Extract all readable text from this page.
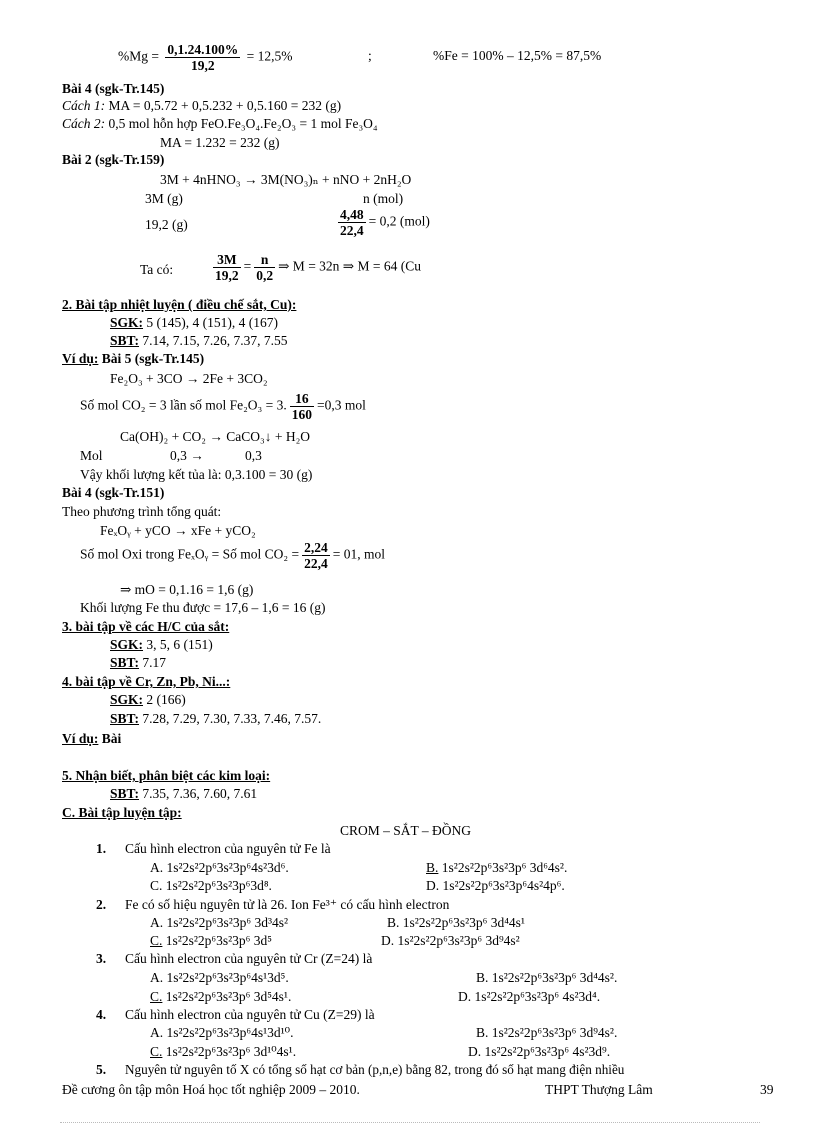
$\%Mg = \frac{0,1.24.100\%}{19,2} = 12,5\%$	;	%Fe = 100% – 12,5% = 87,5%
Bài 4 (sgk-Tr.145)
Cách 1: MA = 0,5.72 + 0,5.232 + 0,5.160 = 232 (g)
Cách 2: 0,5 mol hỗn hợp FeO.Fe₃O₄.Fe₂O₃ = 1 mol Fe₃O₄
MA = 1.232 = 232 (g)
Bài 2 (sgk-Tr.159)
3M + 4nHNO₃ → 3M(NO₃)ₙ + nNO + 2nH₂O
3M (g)	n (mol)
19,2 (g)	$\frac{4,48}{22,4} = 0,2$ (mol)
Ta có:	$\frac{3M}{19,2} = \frac{n}{0,2}$ ⇒ M = 32n ⇒ M = 64 (Cu
2. Bài tập nhiệt luyện ( điều chế sắt, Cu):
SGK: 5 (145), 4 (151), 4 (167)
SBT: 7.14, 7.15, 7.26, 7.37, 7.55
Ví dụ: Bài 5 (sgk-Tr.145)
Fe₂O₃ + 3CO → 2Fe + 3CO₂
Số mol CO₂ = 3 lần số mol Fe₂O₃ = 3. $\frac{16}{160} =0,3$ mol
Ca(OH)₂ + CO₂ → CaCO₃↓ + H₂O
Mol	0,3 →	0,3
Vậy khối lượng kết tủa là: 0,3.100 = 30 (g)
Bài 4 (sgk-Tr.151)
Theo phương trình tổng quát:
FeₓOᵧ + yCO → xFe + yCO₂
Số mol Oxi trong FeₓOᵧ = Số mol $CO_2 = \frac{2,24}{22,4} = 01$, mol
⇒ mO = 0,1.16 = 1,6 (g)
Khối lượng Fe thu được = 17,6 – 1,6 = 16 (g)
3. bài tập về các H/C của sắt:
SGK: 3, 5, 6 (151)
SBT: 7.17
4. bài tập về Cr, Zn, Pb, Ni...:
SGK: 2 (166)
SBT: 7.28, 7.29, 7.30, 7.33, 7.46, 7.57.
Ví dụ: Bài
5. Nhận biết, phân biệt các kim loại:
SBT: 7.35, 7.36, 7.60, 7.61
C. Bài tập luyện tập:
CROM – SẮT – ĐỒNG
1. Cấu hình electron của nguyên tử Fe là
A. 1s²2s²2p⁶3s²3p⁶4s²3d⁶.	B. 1s²2s²2p⁶3s²3p⁶ 3d⁶4s².
C. 1s²2s²2p⁶3s²3p⁶3d⁸.	D. 1s²2s²2p⁶3s²3p⁶4s²4p⁶.
2. Fe có số hiệu nguyên tử là 26. Ion Fe³⁺ có cấu hình electron
A. 1s²2s²2p⁶3s²3p⁶ 3d³4s²	B. 1s²2s²2p⁶3s²3p⁶ 3d⁴4s¹
C. 1s²2s²2p⁶3s²3p⁶ 3d⁵	D. 1s²2s²2p⁶3s²3p⁶ 3d⁹4s²
3. Cấu hình electron của nguyên tử Cr (Z=24) là
A. 1s²2s²2p⁶3s²3p⁶4s¹3d⁵.	B. 1s²2s²2p⁶3s²3p⁶ 3d⁴4s².
C. 1s²2s²2p⁶3s²3p⁶ 3d⁵4s¹.	D. 1s²2s²2p⁶3s²3p⁶ 4s²3d⁴.
4. Cấu hình electron của nguyên tử Cu (Z=29) là
A. 1s²2s²2p⁶3s²3p⁶4s¹3d¹⁰.	B. 1s²2s²2p⁶3s²3p⁶ 3d⁹4s².
C. 1s²2s²2p⁶3s²3p⁶ 3d¹⁰4s¹.	D. 1s²2s²2p⁶3s²3p⁶ 4s²3d⁹.
5. Nguyên tử nguyên tố X có tổng số hạt cơ bản (p,n,e) bằng 82, trong đó số hạt mang điện nhiều
Đề cương ôn tập môn Hoá học tốt nghiệp 2009 – 2010.	THPT Thượng Lâm	39
